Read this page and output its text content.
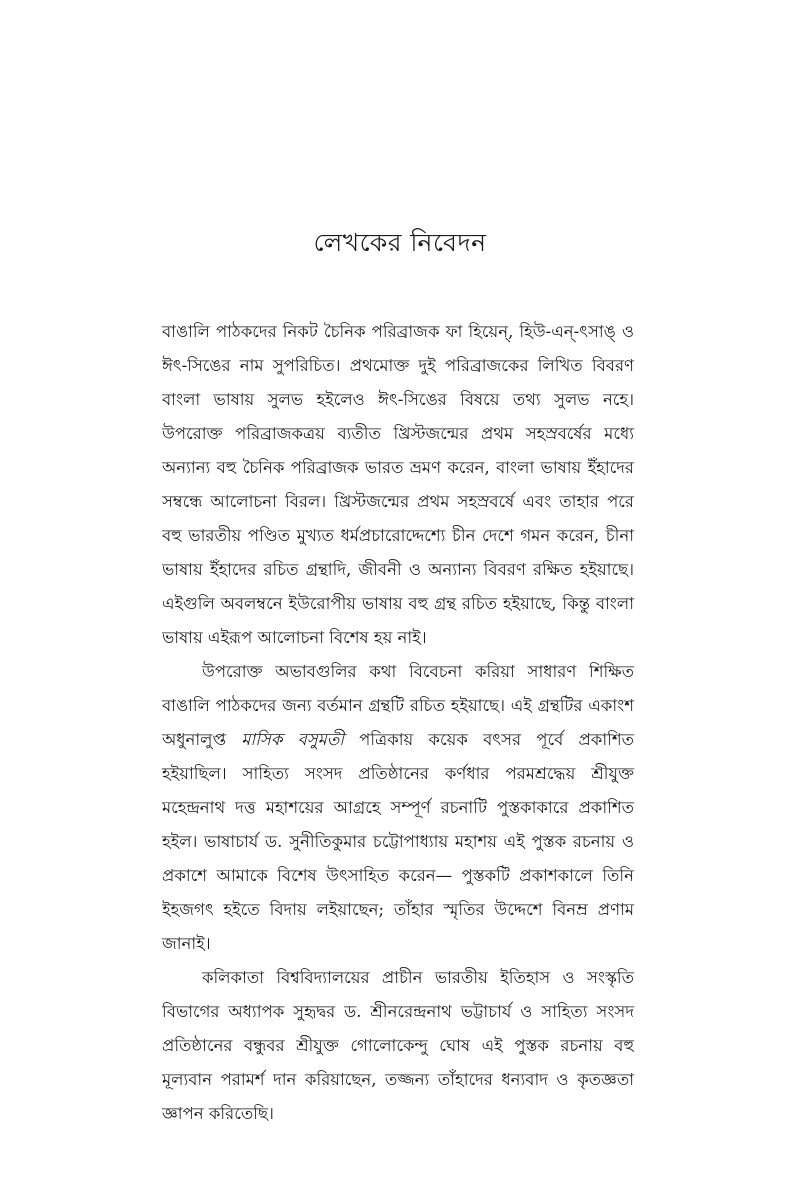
লেখকের নিবেদন

বাঙালি পাঠকদের নিকট চৈনিক পরিব্রাজক ফা হিয়েন্, হিউ-এন্-ৎসাঙ্ ও ঈৎ-সিঙের নাম সুপরিচিত। প্রথমোক্ত দুই পরিব্রাজকের লিখিত বিবরণ বাংলা ভাষায় সুলভ হইলেও ঈৎ-সিঙের বিষয়ে তথ্য সুলভ নহে। উপরোক্ত পরিব্রাজকত্রয় ব্যতীত খ্রিস্টজন্মের প্রথম সহস্রবর্ষের মধ্যে অন্যান্য বহু চৈনিক পরিব্রাজক ভারত ভ্রমণ করেন, বাংলা ভাষায় ইঁহাদের সম্বন্ধে আলোচনা বিরল। খ্রিস্টজন্মের প্রথম সহস্রবর্ষে এবং তাহার পরে বহু ভারতীয় পণ্ডিত মুখ্যত ধর্মপ্রচারোদ্দেশ্যে চীন দেশে গমন করেন, চীনা ভাষায় ইঁহাদের রচিত গ্রন্থাদি, জীবনী ও অন্যান্য বিবরণ রক্ষিত হইয়াছে। এইগুলি অবলম্বনে ইউরোপীয় ভাষায় বহু গ্রন্থ রচিত হইয়াছে, কিন্তু বাংলা ভাষায় এইরূপ আলোচনা বিশেষ হয় নাই।

উপরোক্ত অভাবগুলির কথা বিবেচনা করিয়া সাধারণ শিক্ষিত বাঙালি পাঠকদের জন্য বর্তমান গ্রন্থটি রচিত হইয়াছে। এই গ্রন্থটির একাংশ অধুনালুপ্ত মাসিক বসুমতী পত্রিকায় কয়েক বৎসর পূর্বে প্রকাশিত হইয়াছিল। সাহিত্য সংসদ প্রতিষ্ঠানের কর্ণধার পরমশ্রদ্ধেয় শ্রীযুক্ত মহেন্দ্রনাথ দত্ত মহাশয়ের আগ্রহে সম্পূর্ণ রচনাটি পুস্তকাকারে প্রকাশিত হইল। ভাষাচার্য ড. সুনীতিকুমার চট্টোপাধ্যায় মহাশয় এই পুস্তক রচনায় ও প্রকাশে আমাকে বিশেষ উৎসাহিত করেন— পুস্তকটি প্রকাশকালে তিনি ইহজগৎ হইতে বিদায় লইয়াছেন; তাঁহার স্মৃতির উদ্দেশে বিনম্র প্রণাম জানাই।

কলিকাতা বিশ্ববিদ্যালয়ের প্রাচীন ভারতীয় ইতিহাস ও সংস্কৃতি বিভাগের অধ্যাপক সুহৃদ্বর ড. শ্রীনরেন্দ্রনাথ ভট্টাচার্য ও সাহিত্য সংসদ প্রতিষ্ঠানের বন্ধুবর শ্রীযুক্ত গোলোকেন্দু ঘোষ এই পুস্তক রচনায় বহু মূল্যবান পরামর্শ দান করিয়াছেন, তজ্জন্য তাঁহাদের ধন্যবাদ ও কৃতজ্ঞতা জ্ঞাপন করিতেছি।
